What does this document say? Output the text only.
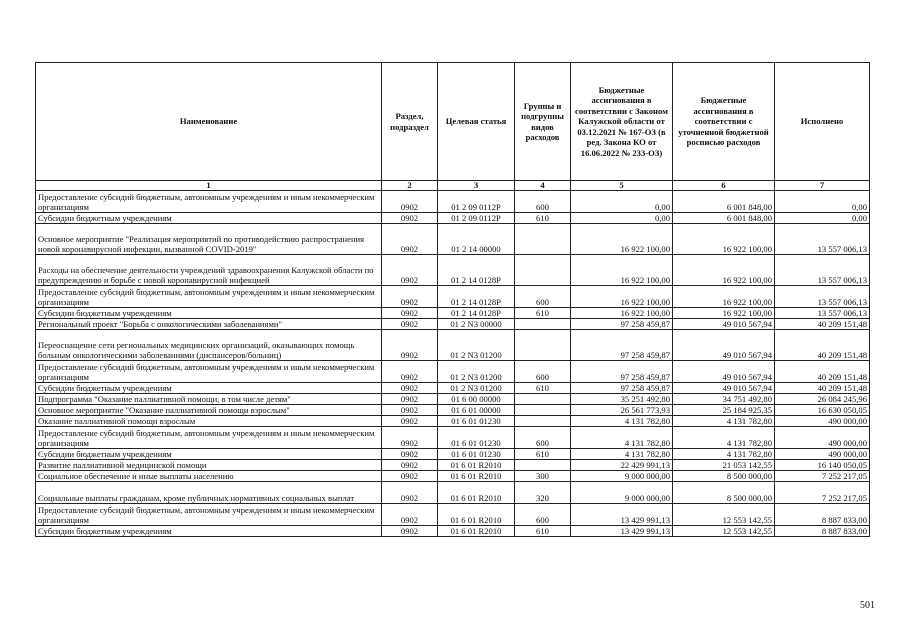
Наименование	Раздел, подраздел	Целевая статья	Группы и подгруппы видов расходов	Бюджетные ассигнования в соответствии с Законом Калужской области от 03.12.2021 № 167-ОЗ (в ред. Закона КО от 16.06.2022 № 233-ОЗ)	Бюджетные ассигнования в соответствии с уточненной бюджетной росписью расходов	Исполнено
1	2	3	4	5	6	7
Предоставление субсидий бюджетным, автономным учреждениям и иным некоммерческим организациям	0902	01 2 09 0112Р	600	0,00	6 001 848,00	0,00
Субсидии бюджетным учреждениям	0902	01 2 09 0112Р	610	0,00	6 001 848,00	0,00
Основное мероприятие "Реализация мероприятий по противодействию распространения новой коронавирусной инфекции, вызванной COVID-2019"	0902	01 2 14 00000		16 922 100,00	16 922 100,00	13 557 006,13
Расходы на обеспечение деятельности учреждений здравоохранения Калужской области по предупреждению и борьбе с новой коронавирусной инфекцией	0902	01 2 14 0128Р		16 922 100,00	16 922 100,00	13 557 006,13
Предоставление субсидий бюджетным, автономным учреждениям и иным некоммерческим организациям	0902	01 2 14 0128Р	600	16 922 100,00	16 922 100,00	13 557 006,13
Субсидии бюджетным учреждениям	0902	01 2 14 0128Р	610	16 922 100,00	16 922 100,00	13 557 006,13
Региональный проект "Борьба с онкологическими заболеваниями"	0902	01 2 N3 00000		97 258 459,87	49 010 567,94	40 209 151,48
Переоснащение сети региональных медицинских организаций, оказывающих помощь больным онкологическими заболеваниями (диспансеров/больниц)	0902	01 2 N3 01200		97 258 459,87	49 010 567,94	40 209 151,48
Предоставление субсидий бюджетным, автономным учреждениям и иным некоммерческим организациям	0902	01 2 N3 01200	600	97 258 459,87	49 010 567,94	40 209 151,48
Субсидии бюджетным учреждениям	0902	01 2 N3 01200	610	97 258 459,87	49 010 567,94	40 209 151,48
Подпрограмма "Оказание паллиативной помощи, в том числе детям"	0902	01 6 00 00000		35 251 492,80	34 751 492,80	26 084 245,96
Основное мероприятие "Оказание паллиативной помощи взрослым"	0902	01 6 01 00000		26 561 773,93	25 184 925,35	16 630 050,05
Оказание паллиативной помощи взрослым	0902	01 6 01 01230		4 131 782,80	4 131 782,80	490 000,00
Предоставление субсидий бюджетным, автономным учреждениям и иным некоммерческим организациям	0902	01 6 01 01230	600	4 131 782,80	4 131 782,80	490 000,00
Субсидии бюджетным учреждениям	0902	01 6 01 01230	610	4 131 782,80	4 131 782,80	490 000,00
Развитие паллиативной медицинской помощи	0902	01 6 01 R2010		22 429 991,13	21 053 142,55	16 140 050,05
Социальное обеспечение и иные выплаты населению	0902	01 6 01 R2010	300	9 000 000,00	8 500 000,00	7 252 217,05
Социальные выплаты гражданам, кроме публичных нормативных социальных выплат	0902	01 6 01 R2010	320	9 000 000,00	8 500 000,00	7 252 217,05
Предоставление субсидий бюджетным, автономным учреждениям и иным некоммерческим организациям	0902	01 6 01 R2010	600	13 429 991,13	12 553 142,55	8 887 833,00
Субсидии бюджетным учреждениям	0902	01 6 01 R2010	610	13 429 991,13	12 553 142,55	8 887 833,00
501
